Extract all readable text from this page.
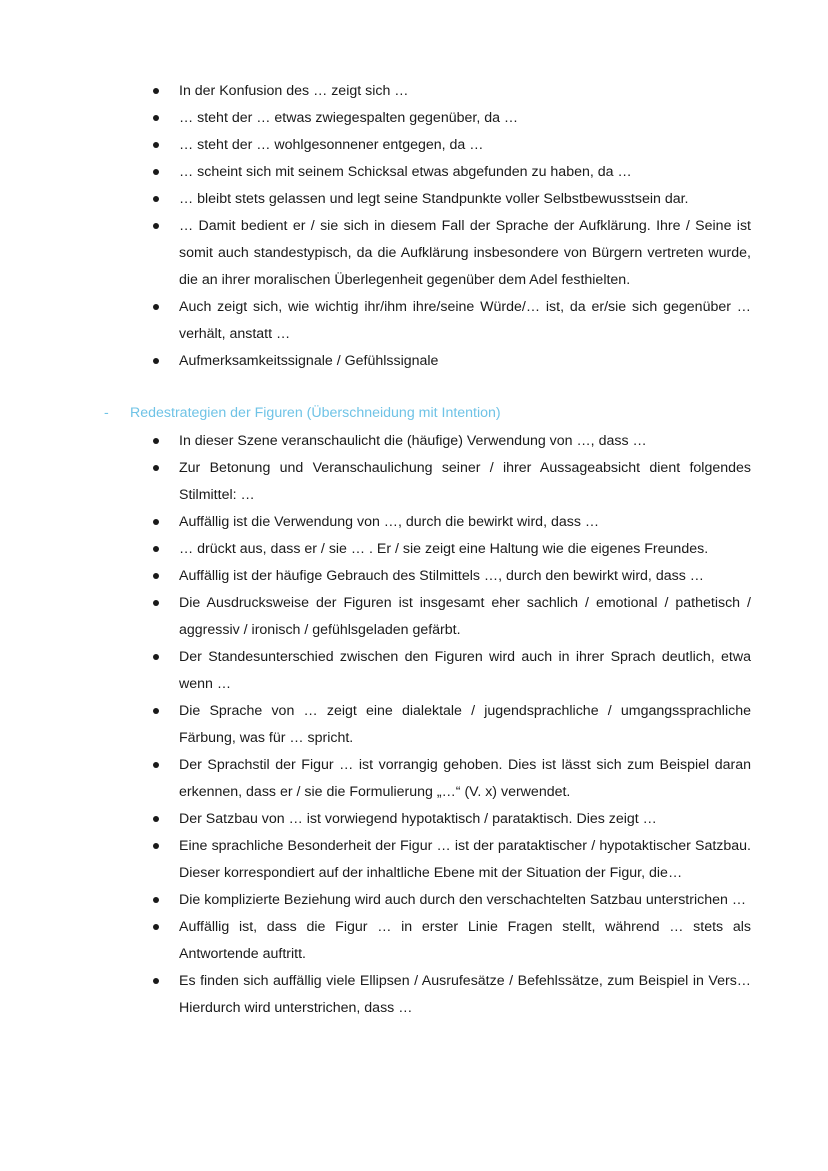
In der Konfusion des … zeigt sich …
… steht der … etwas zwiegespalten gegenüber, da …
… steht der … wohlgesonnener entgegen, da …
… scheint sich mit seinem Schicksal etwas abgefunden zu haben, da …
… bleibt stets gelassen und legt seine Standpunkte voller Selbstbewusstsein dar.
… Damit bedient er / sie sich in diesem Fall der Sprache der Aufklärung. Ihre / Seine ist somit auch standestypisch, da die Aufklärung insbesondere von Bürgern vertreten wurde, die an ihrer moralischen Überlegenheit gegenüber dem Adel festhielten.
Auch zeigt sich, wie wichtig ihr/ihm ihre/seine Würde/… ist, da er/sie sich gegenüber … verhält, anstatt …
Aufmerksamkeitssignale / Gefühlssignale
- Redestrategien der Figuren (Überschneidung mit Intention)
In dieser Szene veranschaulicht die (häufige) Verwendung von …, dass …
Zur Betonung und Veranschaulichung seiner / ihrer Aussageabsicht dient folgendes Stilmittel: …
Auffällig ist die Verwendung von …, durch die bewirkt wird, dass …
… drückt aus, dass er / sie … . Er / sie zeigt eine Haltung wie die eigenes Freundes.
Auffällig ist der häufige Gebrauch des Stilmittels …, durch den bewirkt wird, dass …
Die Ausdrucksweise der Figuren ist insgesamt eher sachlich / emotional / pathetisch / aggressiv / ironisch / gefühlsgeladen gefärbt.
Der Standesunterschied zwischen den Figuren wird auch in ihrer Sprach deutlich, etwa wenn …
Die Sprache von … zeigt eine dialektale / jugendsprachliche / umgangssprachliche Färbung, was für … spricht.
Der Sprachstil der Figur … ist vorrangig gehoben. Dies ist lässt sich zum Beispiel daran erkennen, dass er / sie die Formulierung „…“ (V. x) verwendet.
Der Satzbau von … ist vorwiegend hypotaktisch / parataktisch. Dies zeigt …
Eine sprachliche Besonderheit der Figur … ist der parataktischer / hypotaktischer Satzbau. Dieser korrespondiert auf der inhaltliche Ebene mit der Situation der Figur, die…
Die komplizierte Beziehung wird auch durch den verschachtelten Satzbau unterstrichen …
Auffällig ist, dass die Figur … in erster Linie Fragen stellt, während … stets als Antwortende auftritt.
Es finden sich auffällig viele Ellipsen / Ausrufesätze / Befehlssätze, zum Beispiel in Vers… Hierdurch wird unterstrichen, dass …
